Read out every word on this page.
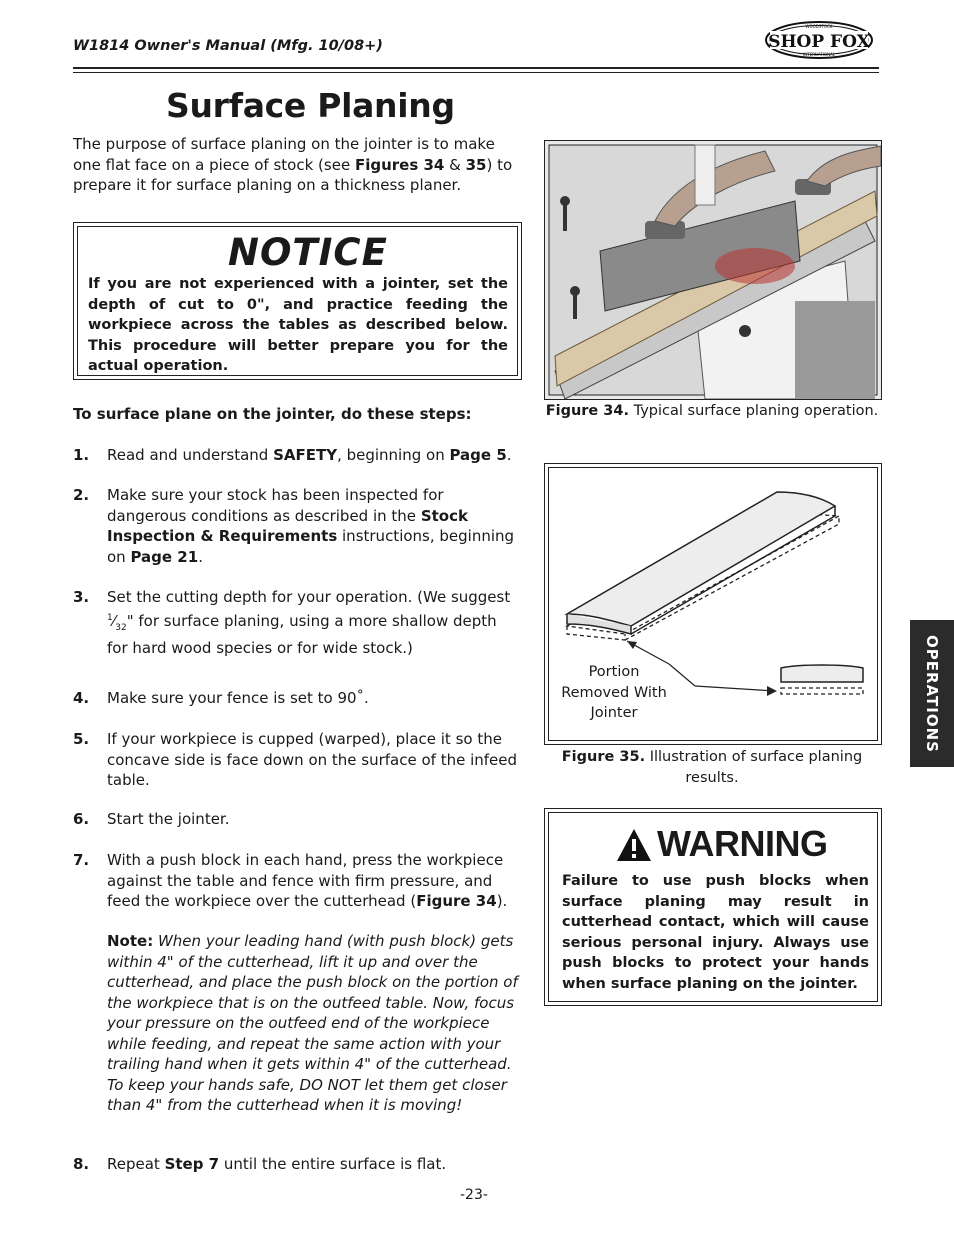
W1814 Owner's Manual (Mfg. 10/08+)	SHOP FOX
WOODSTOCK
INTERNATIONAL
Surface Planing
The purpose of surface planing on the jointer is to make one flat face on a piece of stock (see Figures 34 & 35) to prepare it for surface planing on a thickness planer.
NOTICE
If you are not experienced with a jointer, set the depth of cut to 0", and practice feeding the workpiece across the tables as described below. This procedure will better prepare you for the actual operation.
To surface plane on the jointer, do these steps:
1. Read and understand SAFETY, beginning on Page 5.
2. Make sure your stock has been inspected for dangerous conditions as described in the Stock Inspection & Requirements instructions, beginning on Page 21.
3. Set the cutting depth for your operation. (We suggest $^1⁄_{32}$" for surface planing, using a more shallow depth for hard wood species or for wide stock.)
4. Make sure your fence is set to 90˚.
5. If your workpiece is cupped (warped), place it so the concave side is face down on the surface of the infeed table.
6. Start the jointer.
7. With a push block in each hand, press the workpiece against the table and fence with firm pressure, and feed the workpiece over the cutterhead (Figure 34).
Note: When your leading hand (with push block) gets within 4" of the cutterhead, lift it up and over the cutterhead, and place the push block on the portion of the workpiece that is on the outfeed table. Now, focus your pressure on the outfeed end of the workpiece while feeding, and repeat the same action with your trailing hand when it gets within 4" of the cutterhead. To keep your hands safe, DO NOT let them get closer than 4" from the cutterhead when it is moving!
8. Repeat Step 7 until the entire surface is flat.
Figure 34. Typical surface planing operation.
Portion
Removed With
Jointer
Figure 35. Illustration of surface planing results.
WARNING
Failure to use push blocks when surface planing may result in cutterhead contact, which will cause serious personal injury. Always use push blocks to protect your hands when surface planing on the jointer.
OPERATIONS
-23-
